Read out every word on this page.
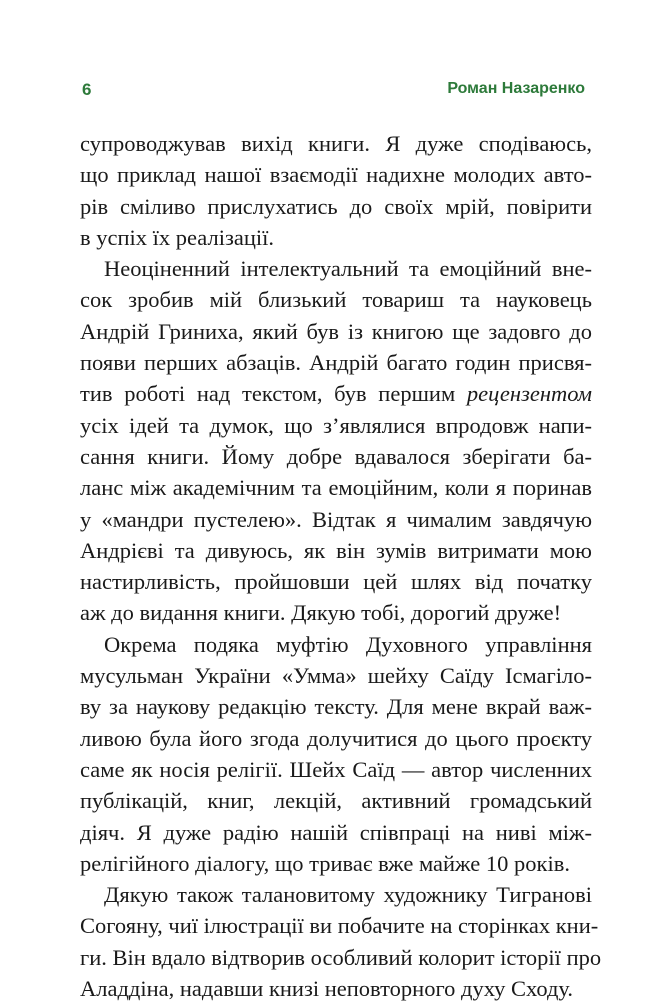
6	Роман Назаренко
супроводжував вихід книги. Я дуже сподіваюсь,
що приклад нашої взаємодії надихне молодих авто-
рів сміливо прислухатись до своїх мрій, повірити
в успіх їх реалізації.
Неоціненний інтелектуальний та емоційний вне-
сок зробив мій близький товариш та науковець
Андрій Гриниха, який був із книгою ще задовго до
появи перших абзаців. Андрій багато годин присвя-
тив роботі над текстом, був першим рецензентом
усіх ідей та думок, що з’являлися впродовж напи-
сання книги. Йому добре вдавалося зберігати ба-
ланс між академічним та емоційним, коли я поринав
у «мандри пустелею». Відтак я чималим завдячую
Андрієві та дивуюсь, як він зумів витримати мою
настирливість, пройшовши цей шлях від початку
аж до видання книги. Дякую тобі, дорогий друже!
Окрема подяка муфтію Духовного управління
мусульман України «Умма» шейху Саїду Ісмагіло-
ву за наукову редакцію тексту. Для мене вкрай важ-
ливою була його згода долучитися до цього проєкту
саме як носія релігії. Шейх Саїд — автор численних
публікацій, книг, лекцій, активний громадський
діяч. Я дуже радію нашій співпраці на ниві між-
релігійного діалогу, що триває вже майже 10 років.
Дякую також талановитому художнику Тигранові
Согояну, чиї ілюстрації ви побачите на сторінках кни-
ги. Він вдало відтворив особливий колорит історії про
Аладдіна, надавши книзі неповторного духу Сходу.
